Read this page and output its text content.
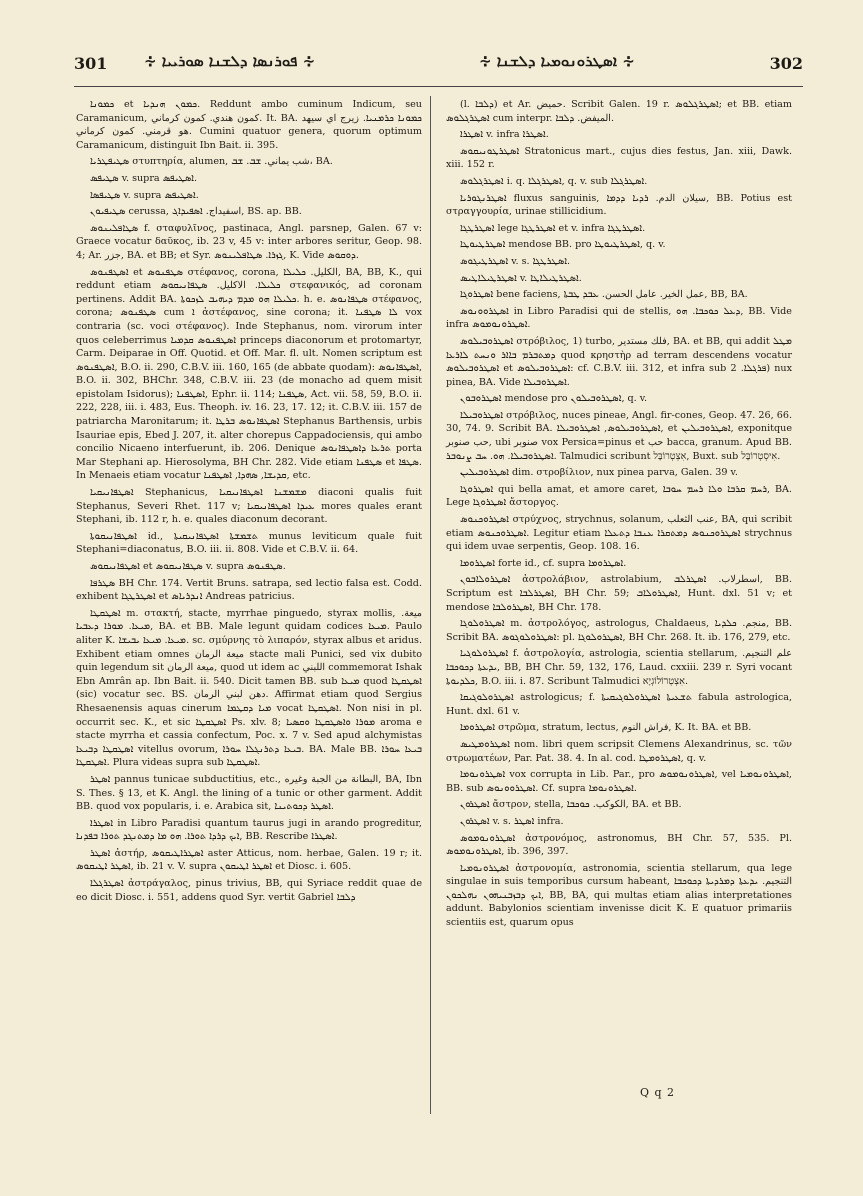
301 ∻ ܦܘܪܢܣܐ ܕܠܫܢܐ ܣܘܪܝܝܐ ∻	∻ ܐܣܛܪܘܢܘܡܝܐ ܕܠܫܢܐ ∻	302

ܟܡܘܢܐ et ܟܡܘܢ ܗܢܕܝܐ. Reddunt ambo cuminum Indicum, seu Caramanicum, كمون هندي. كمون كرماني. It. BA. ܟܡܘܢܐ ܟܪܡܢܝܐ. زيرج اي سيهد هو قرمني. كمون كرماني. Cumini quatuor genera, quorum optimum Caramanicum, distinguit Ibn Bait. ii. 395.

ܣܛܝܦܛܪܝܐ στυπτηρία, alumen, شب يماني. ܫܒ. ܫܒ، BA.

ܣܛܝܦܣ v. supra ܐܣܛܝܦܣ.

ܣܛܝܦܣܐ v. supra ܐܣܛܝܦܣ.

ܣܛܝܦܝܘܢ cerussa, اسفيداج. ܐܣܦܝܕܐܓ, BS. ap. BB.

ܣܛܐܦܠܝܢܘܣ f. σταφυλῖνος, pastinaca, Angl. parsnep, Galen. 67 v: Graece vocatur δαῦκος, ib. 23 v, 45 v: inter arbores seritur, Geop. 98. 4; Ar. جزر, BA. et BB; et Syr. ܓܙܪܐ. ܣܛܐܦܠܝܢܘܣ, K. Vide ܕܘܩܘܣ.

ܐܣܛܦܢܘܣ et ܣܛܦܢܘܣ στέφανος, corona, الكليل. ܟܠܝܠܐ, BA, BB, K., qui reddunt etiam ܟܠܝܠܐ. الاكليل. ܣܛܦܐܢܝܩܘܣ στεφανικός, ad coronam pertinens. Addit BA. ܟܠܝܠܐ ܗܘ ܡܕܡ ܕܝܗܝܒ ܠܙܟܘܬܐ. h. e. ܣܛܦܐܢܘܣ στέφανος, corona; ܣܛܦܢܘܣ cum ܐ ἀστέφανος, sine corona; it. ܠܐ ܣܛܦܢܐ vox contraria (sc. voci στέφανος). Inde Stephanus, nom. virorum inter quos celeberrimus ܐܣܛܦܢܘܣ ܩܕܡܝܐ princeps diaconorum et protomartyr, Carm. Deiparae in Off. Quotid. et Off. Mar. fl. ult. Nomen scriptum est ܐܣܛܦܢܘܣ, B.O. ii. 290, C.B.V. iii. 160, 165 (de abbate quodam): ܐܣܛܦܐܢܘܣ, B.O. ii. 302, BHChr. 348, C.B.V. iii. 23 (de monacho ad quem misit epistolam Isidorus); ܐܣܛܦܢܐ, Ephr. ii. 114; ܣܛܦܢܐ, Act. vii. 58, 59, B.O. ii. 222, 228, iii. i. 483, Eus. Theoph. iv. 16. 23, 17. 12; it. C.B.V. iii. 157 de patriarcha Maronitarum; it. ܐܣܛܦܐܢܘܣ ܒܪܛܐ Stephanus Barthensis, urbis Isauriae epis, Ebed J. 207, it. alter chorepus Cappadociensis, qui ambo concilio Nicaeno interfuerunt, ib. 206. Denique ܬܪܥܐ ܕܐܣܛܦܐܢܘܣ porta Mar Stephani ap. Hierosolyma, BH Chr. 282. Vide etiam ܣܛܦܢܐ et ܣܛܦܐ. In Menaeis etiam vocatur ܩܕܝܫܐ, ܣܗܕܐ, ܐܣܛܦܢܐ, etc.

ܐܣܛܦܐܢܝܩܝܐ Stephanicus, ܡܫܡܫܢܐ ܐܣܛܦܐܢܝܩܝܐ diaconi qualis fuit Stephanus, Severi Rhet. 117 v; ܥܝܕܐ ܐܣܛܦܐܢܝܩܝܐ mores quales erant Stephani, ib. 112 r, h. e. quales diaconum decorant.

ܐܣܛܦܐܢܝܩܘܬܐ id., ܬܫܡܫܬܐ ܐܣܛܦܐܢܝܩܝܬܐ munus leviticum quale fuit Stephani=diaconatus, B.O. iii. ii. 808. Vide et C.B.V. ii. 64.

ܐܣܛܦܐܢܝܩܘܣ et ܣܛܦܐܢܝܩܘܣ v. supra ܣܛܦܢܘܣ.

ܣܛܪܦܐ BH Chr. 174. Vertit Bruns. satrapa, sed lectio falsa est. Codd. exhibent ܐܣܛܪܛܓܐ et ܐܢܕܪܝܐܣ Andreas patricius.

ܐܣܛܩܛܐ m. στακτή, stacte, myrrhae pinguedo, styrax mollis, ميعة. ܡܝܥܐ. ܡܘܪܐ ܕܥܒܝܐ, BA. et BB. Male legunt quidam codices ܡܝܥܐ. Paulo aliter K. ܡܝܥܐ. ܡܝܥܐ ܝܒܝܫܐ. sc. σμύρνης τὸ λιπαρόν, styrax albus et aridus. Exhibent etiam omnes ميعة الرمان stacte mali Punici, sed vix dubito quin legendum sit ميعة الرمان, quod ut idem ac اللبني commemorat Ishak Ebn Amrân ap. Ibn Bait. ii. 540. Dicit tamen BB. sub ܡܝܥܐ quod ܐܣܛܩܛܐ (sic) vocatur sec. BS. دهن لبني الرمان. Affirmat etiam quod Sergius Rhesaenensis aquas cinerum ܡܝܐ ܕܩܛܡܐ vocat ܐܣܛܩܛܐ. Non nisi in pl. occurrit sec. K., et sic ܐܣܛܩܛܐ Ps. xlv. 8; ܡܘܪܐ ܘܐܣܛܩܛܐ ܘܩܣܝܐ aroma e stacte myrrha et cassia confectum, Poc. x. 7 v. Sed apud alchymistas ܐܣܛܩܛܐ ܕܒܝܥܐ vitellus ovorum, ܒܝܥܐ ܕܬܪܢܓܠܐ ܚܘܪܐ. BA. Male BB. ܒܝܥܐ ܚܘܪܐ ܐܣܛܩܛܐ. Plura videas supra sub ܐܣܛܩܛܐ.

ܐܣܛܪ pannus tunicae subductitius, etc., البطانة من الجبة وغيره, BA, Ibn S. Thes. § 13, et K. Angl. the lining of a tunic or other garment. Addit BB. quod vox popularis, i. e. Arabica sit, ܐܣܛܪ ܕܟܘܬܝܢܐ.

ܐܣܛܪܐ in Libro Paradisi quantum taurus jugi in arando progreditur, ܐܝܟ ܕܪܕܐ ܬܘܪܐ. ܗܘ ܡܐ ܕܡܬܢܓܕ ܬܘܪܐ ܒܦܕܢܐ, BB. Rescribe ܐܣܛܪܐ.

ܐܣܛܪ ἀστήρ, ܐܣܛܪܐܛܝܩܘܣ aster Atticus, nom. herbae, Galen. 19 r; it. ܐܣܛܪ ܐܛܝܩܘܣ, ib. 21 v. V. supra ܐܣܛܪ ܐܛܝܩܘܢ et Diosc. i. 605.

ܐܣܛܪܓܠܐ ἀστράγαλος, pinus trivius, BB, qui Syriace reddit quae de eo dicit Diosc. i. 551, addens quod Syr. vertit Gabriel ܕܠܒܐ

(l. ܕܠܒܐ) et Ar. حميض. Scribit Galen. 19 r. ܐܣܛܪܓܠܘܣ; et BB. etiam ܐܣܛܪܓܠܘܣ cum interpr. الميفض. ܕܠܒܐ.

ܐܣܛܪܐ v. infra ܐܣܛܪܐ.

ܐܣܛܪܛܘܢܝܩܘܣ Stratonicus mart., cujus dies festus, Jan. xiii, Dawk. xiii. 152 r.

ܐܣܛܪܓܠܘܣ i. q. ܐܣܛܪܓܠܐ, q. v. sub ܐܣܛܪܓܠܐ.

ܐܣܛܪܢܓܘܪܝܐ fluxus sanguinis, سيلان الدم. ܪܕܝܐ ܕܕܡܐ, BB. Potius est στραγγουρία, urinae stillicidium.

ܐܣܛܪܛܓܐ lege ܐܣܛܪܛܓܐ et v. infra ܐܣܛܪܛܓܐ.

ܐܣܛܪܛܝܘܛܐ mendose BB. pro ܐܣܛܪܛܝܘܛܐ, q. v.

ܐܣܛܪܛܝܓܘܣ v. s. ܐܣܛܪܛܓܐ.

ܐܣܛܪܛܝܠܐܛܝܣ v. ܐܣܛܪܛܝܠܐܛܐ.

ܐܣܛܪܘܓܐ bene faciens, عمل الخير. عامل الحسن. ܥܒܕ ܛܒܬܐ, BB, BA.

ܐܣܛܪܘܘܢܘܣ in Libro Paradisi qui de stellis, ܕܥܠ ܟܘܟܒܐ. ܗܘ, BB. Vide infra ܐܣܛܪܘܢܘܡܘܣ.

ܐܣܛܪܘܒܝܠܘܣ στρόβιλος, 1) turbo, فلك مستدير, BA. et BB, qui addit ܡܛܠ ܕܡܬܒܪܡ ܒܐܐܪ ܘܢܚܬ ܠܐܪܥܐ quod κρηστὴρ ad terram descendens vocatur ܐܣܛܪܘܒܝܠܘܣ et ܐܣܛܪܘܒܝܠܘܣ: cf. C.B.V. iii. 312, et infra sub ܦܪܓܠܐ. 2) nux pinea, BA. Vide ܐܣܛܪܘܒܝܠܐ.

ܐܣܛܪܘܒܘܢ mendose pro ܐܣܛܪܘܒܝܠܘܢ, q. v.

ܐܣܛܪܘܒܝܠܐ στρόβιλος, nuces pineae, Angl. fir-cones, Geop. 47. 26, 66. 30, 74. 9. Scribit BA. ܐܣܛܪܘܒܝܠܘܣ, ܐܣܛܪܘܒܝܠܐ, et ܐܣܛܪܘܒܝܠܝܢ, exponitque حب صنوبر, ubi صنوبر vox Persica=pinus et حب bacca, granum. Apud BB. ܐܣܛܪܘܒܝܠܐ. ܗܘ. ܚܒ ܨܢܘܒܪ. Talmudici scribunt אִצְטְרוֹבָּל, Buxt. sub אִיסְטְרוֹבָּל.

ܐܣܛܪܘܒܝܠܝܢ dim. στροβίλιον, nux pinea parva, Galen. 39 v.

ܐܣܛܪܘܓܐ qui bella amat, et amore caret, ܪܚܡ ܩܪܒܐ ܘܠܐ ܪܚܡ ܚܘܒܐ, BA. Lege ܐܣܛܪܘܓܐ ἄστοργος.

ܐܣܛܪܘܟܢܘܣ στρύχνος, strychnus, solanum, عنب الثعلب, BA, qui scribit etiam ܐܣܛܪܘܟܢܘܣ. Legitur etiam ܐܣܛܪܘܟܢܘܣ ܕܡܬܩܪܐ ܥܢܒܐ ܕܬܥܠܐ strychnus qui idem uvae serpentis, Geop. 108. 16.

ܐܣܛܪܘܡܐ forte id., cf. supra ܐܣܛܪܘܡܐ.

ܐܣܛܪܘܠܐܒܘܢ ἀστρολάβιον, astrolabium, اسطرلاب. ܐܣܛܪܠܒ, BB. Scriptum est ܐܣܛܪܠܒܐ, BH Chr. 59; ܐܣܛܪܘܠܐܒ, Hunt. dxl. 51 v; et mendose ܐܣܛܪܘܠܒܐ, BH Chr. 178.

ܐܣܛܪܘܠܘܓܐ m. ἀστρολόγος, astrologus, Chaldaeus, منجم. ܟܠܕܝܐ, BB. Scribit BA. ܐܣܛܪܘܠܘܓܘܣ: pl. ܐܣܛܪܘܠܘܓܐ, BH Chr. 268. It. ib. 176, 279, etc.

ܐܣܛܪܘܠܘܓܝܐ f. ἀστρολογία, astrologia, scientia stellarum, علم التنجيم. ܝܕܥܬܐ ܕܟܘܟܒܐ, BB, BH Chr. 59, 132, 176, Laud. cxxiii. 239 r. Syri vocant ܟܠܕܝܘܬܐ, B.O. iii. i. 87. Scribunt Talmudici אִצְטְרוֹלוֹגְיָא.

ܐܣܛܪܘܠܘܓܝܩܐ astrologicus; f. ܬܫܥܝܬܐ ܐܣܛܪܘܠܘܓܝܩܝܬܐ fabula astrologica, Hunt. dxl. 61 v.

ܐܣܛܪܘܡܐ στρῶμα, stratum, lectus, فراش النوم, K. It. BA. et BB.

ܐܣܛܪܘܡܛܝܣ nom. libri quem scripsit Clemens Alexandrinus, sc. τῶν στρωματέων, Par. Pat. 38. 4. In al. cod. ܐܣܛܪܘܡܛܐ, q. v.

ܐܣܛܪܘܢܘܡܐ vox corrupta in Lib. Par., pro ܐܣܛܪܘܢܘܡܘܣ, vel ܐܣܛܪܘܢܘܡܝܐ, BB. sub ܐܣܛܪܘܘܢܘܣ. Cf. supra ܐܣܛܪܘܢܘܡܐ.

ܐܣܛܪܘܢ ἄστρον, stella, الكوكب. ܟܘܟܒܐ, BA. et BB.

ܐܣܛܪܘܢ v. s. ܐܣܛܪ infra.

ܐܣܛܪܘܢܘܡܘܣ ἀστρονόμος, astronomus, BH Chr. 57, 535. Pl. ܐܣܛܪܘܢܘܡܘܣ, ib. 396, 397.

ܐܣܛܪܘܢܘܡܝܐ ἀστρονομία, astronomia, scientia stellarum, qua lege singulae in suis temporibus cursum habeant, التنجيم. ܝܕܥܬܐ ܕܡܪܕܝܬܐ ܕܟܘܟܒܐ ܐܝܟ ܕܒܙܒܢܝܗܘܢ ܢܗܠܟܘܢ, BB, BA, qui multas etiam alias interpretationes addunt. Babylonios scientiam invenisse dicit K. E quatuor primariis scientiis est, quarum opus

Q q 2
